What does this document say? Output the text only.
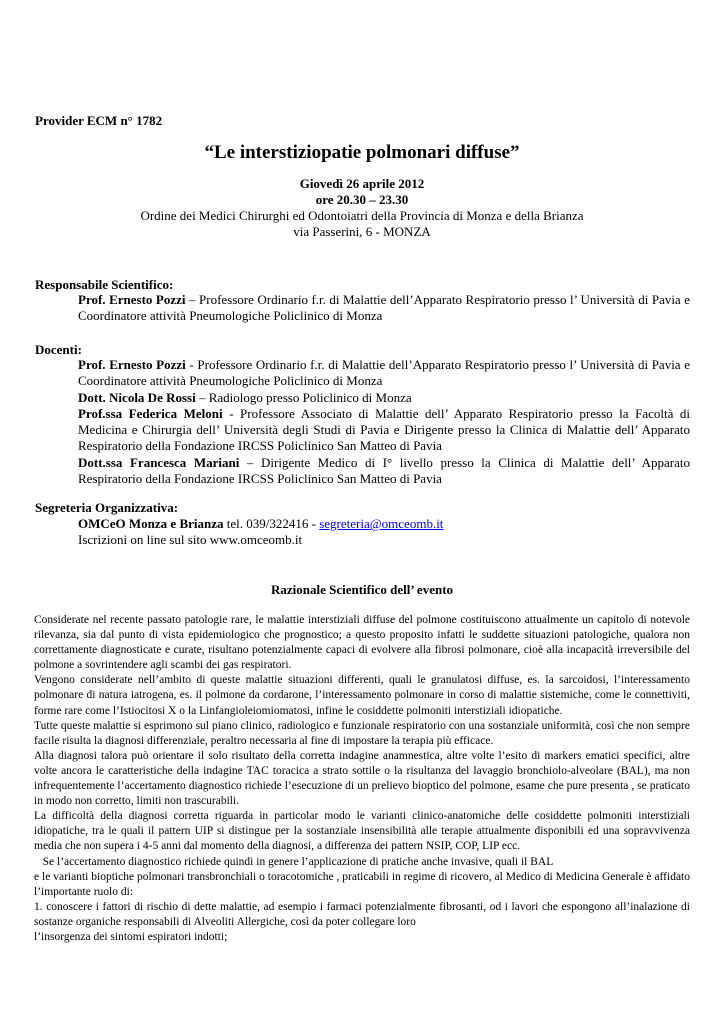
Provider ECM n° 1782
“Le interstiziopatie polmonari diffuse”
Giovedì 26 aprile 2012
ore 20.30 – 23.30
Ordine dei Medici Chirurghi ed Odontoiatri della Provincia di Monza e della Brianza
via Passerini, 6 - MONZA
Responsabile Scientifico:

Prof. Ernesto Pozzi – Professore Ordinario f.r. di Malattie dell’Apparato Respiratorio presso l’ Università di Pavia e Coordinatore attività Pneumologiche Policlinico di Monza

Docenti:

Prof. Ernesto Pozzi - Professore Ordinario f.r. di Malattie dell’Apparato Respiratorio presso l’ Università di Pavia e Coordinatore attività Pneumologiche Policlinico di Monza

Dott. Nicola De Rossi – Radiologo presso Policlinico di Monza

Prof.ssa Federica Meloni - Professore Associato di Malattie dell’ Apparato Respiratorio presso la Facoltà di Medicina e Chirurgia dell’ Università degli Studi di Pavia e Dirigente presso la Clinica di Malattie dell’ Apparato Respiratorio della Fondazione IRCSS Policlinico San Matteo di Pavia

Dott.ssa Francesca Mariani – Dirigente Medico di I° livello presso la Clinica di Malattie dell’ Apparato Respiratorio della Fondazione IRCSS Policlinico San Matteo di Pavia

Segreteria Organizzativa:

OMCeO Monza e Brianza tel. 039/322416 - segreteria@omceomb.it

Iscrizioni on line sul sito www.omceomb.it

Razionale Scientifico dell’ evento

Considerate nel recente passato patologie rare, le malattie interstiziali diffuse del polmone costituiscono attualmente un capitolo di notevole rilevanza, sia dal punto di vista epidemiologico che prognostico; a questo proposito infatti le suddette situazioni patologiche, qualora non correttamente diagnosticate e curate, risultano potenzialmente capaci di evolvere alla fibrosi polmonare, cioè alla incapacità irreversibile del polmone a sovrintendere agli scambi dei gas respiratori.

Vengono considerate nell’ambito di queste malattie situazioni differenti, quali le granulatosi diffuse, es. la sarcoidosi, l’interessamento polmonare di natura iatrogena, es. il polmone da cordarone, l’interessamento polmonare in corso di malattie sistemiche, come le connettiviti, forme rare come l’Istiocitosi X o la Linfangioleiomiomatosi, infine le cosiddette polmoniti interstiziali idiopatiche.

Tutte queste malattie si esprimono sul piano clinico, radiologico e funzionale respiratorio con una sostanziale uniformità, così che non sempre facile risulta la diagnosi differenziale, peraltro necessaria al fine di impostare la terapia più efficace.

Alla diagnosi talora può orientare il solo risultato della corretta indagine anamnestica, altre volte l’esito di markers ematici specifici, altre volte ancora le caratteristiche della indagine TAC toracica a strato sottile o la risultanza del lavaggio bronchiolo-alveolare (BAL), ma non infrequentemente l’accertamento diagnostico richiede l’esecuzione di un prelievo bioptico del polmone, esame che pure presenta , se praticato in modo non corretto, limiti non trascurabili.

La difficoltà della diagnosi corretta riguarda in particolar modo le varianti clinico-anatomiche delle cosiddette polmoniti interstiziali idiopatiche, tra le quali il pattern UIP si distingue per la sostanziale insensibilità alle terapie attualmente disponibili ed una sopravvivenza media che non supera i 4-5 anni dal momento della diagnosi, a differenza dei pattern NSIP, COP, LIP ecc.

Se l’accertamento diagnostico richiede quindi in genere l’applicazione di pratiche anche invasive, quali il BAL

e le varianti bioptiche polmonari transbronchiali o toracotomiche , praticabili in regime di ricovero, al Medico di Medicina Generale è affidato l’importante ruolo di:

1. conoscere i fattori di rischio di dette malattie, ad esempio i farmaci potenzialmente fibrosanti, od i lavori che espongono all’inalazione di sostanze organiche responsabili di Alveoliti Allergiche, così da poter collegare loro

l’insorgenza dei sintomi espiratori indotti;
